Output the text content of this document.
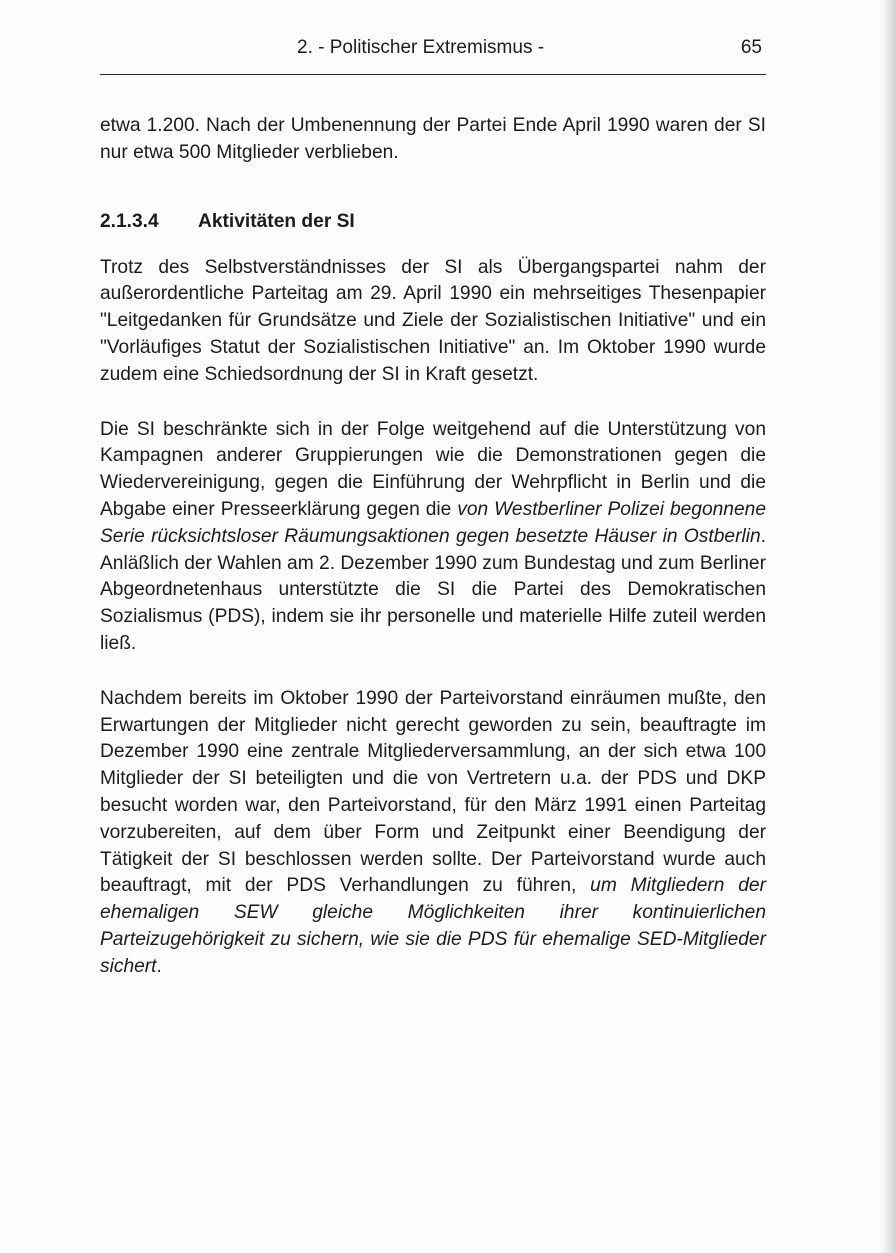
2. - Politischer Extremismus -	65

etwa 1.200. Nach der Umbenennung der Partei Ende April 1990 waren der SI nur etwa 500 Mitglieder verblieben.

2.1.3.4	Aktivitäten der SI

Trotz des Selbstverständnisses der SI als Übergangspartei nahm der außerordentliche Parteitag am 29. April 1990 ein mehrseitiges Thesenpapier "Leitgedanken für Grundsätze und Ziele der Sozialistischen Initiative" und ein "Vorläufiges Statut der Sozialistischen Initiative" an. Im Oktober 1990 wurde zudem eine Schiedsordnung der SI in Kraft gesetzt.

Die SI beschränkte sich in der Folge weitgehend auf die Unterstützung von Kampagnen anderer Gruppierungen wie die Demonstrationen gegen die Wiedervereinigung, gegen die Einführung der Wehrpflicht in Berlin und die Abgabe einer Presseerklärung gegen die von Westberliner Polizei begonnene Serie rücksichtsloser Räumungsaktionen gegen besetzte Häuser in Ostberlin. Anläßlich der Wahlen am 2. Dezember 1990 zum Bundestag und zum Berliner Abgeordnetenhaus unterstützte die SI die Partei des Demokratischen Sozialismus (PDS), indem sie ihr personelle und materielle Hilfe zuteil werden ließ.

Nachdem bereits im Oktober 1990 der Parteivorstand einräumen mußte, den Erwartungen der Mitglieder nicht gerecht geworden zu sein, beauftragte im Dezember 1990 eine zentrale Mitgliederversammlung, an der sich etwa 100 Mitglieder der SI beteiligten und die von Vertretern u.a. der PDS und DKP besucht worden war, den Parteivorstand, für den März 1991 einen Parteitag vorzubereiten, auf dem über Form und Zeitpunkt einer Beendigung der Tätigkeit der SI beschlossen werden sollte. Der Parteivorstand wurde auch beauftragt, mit der PDS Verhandlungen zu führen, um Mitgliedern der ehemaligen SEW gleiche Möglichkeiten ihrer kontinuierlichen Parteizugehörigkeit zu sichern, wie sie die PDS für ehemalige SED-Mitglieder sichert.
